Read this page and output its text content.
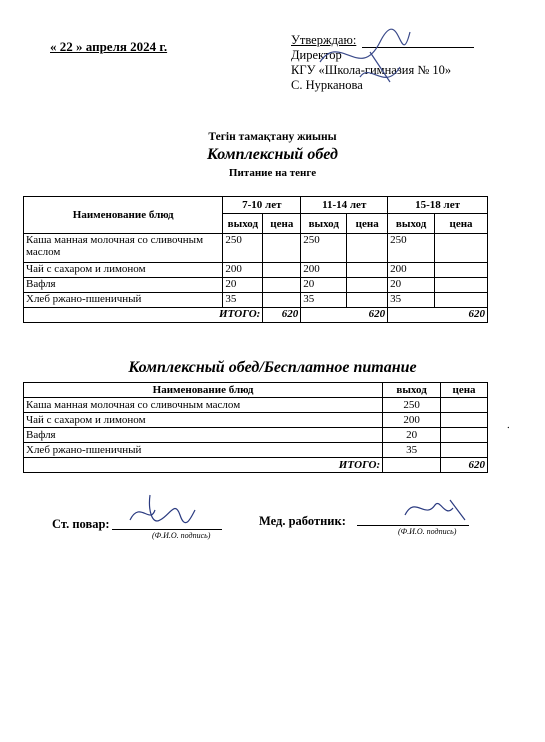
« 22 » апреля 2024 г.	Утверждаю:
Директор
КГУ «Школа-гимназия № 10»
С. Нурканова
Тегін тамақтану жиыны
Комплексный обед
Питание на тенге
Наименование блюд	7-10 лет		11-14 лет		15-18 лет	
	выход	цена	выход	цена	выход	цена
Каша манная молочная со сливочным маслом	250		250		250	
Чай с сахаром и лимоном	200		200		200	
Вафля	20		20		20	
Хлеб ржано-пшеничный	35		35		35	
ИТОГО:		620	620		620	
Комплексный обед/Бесплатное питание
Наименование блюд	выход	цена
Каша манная молочная со сливочным маслом	250	
Чай с сахаром и лимоном	200	
Вафля	20	
Хлеб ржано-пшеничный	35	
ИТОГО:		620
Ст. повар:
(Ф.И.О. подпись)
Мед. работник:
(Ф.И.О. подпись)
⸱
